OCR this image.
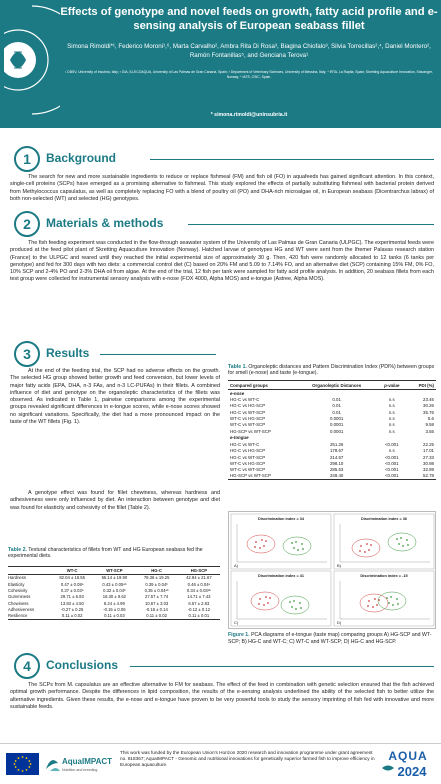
Effects of genotype and novel feeds on growth, fatty acid profile and e-sensing analysis of European seabass fillet
Simona Rimoldi*¹, Federico Moroni¹,⁶, Marta Carvalho², Ambra Rita Di Rosa³, Biagina Chiofalo³, Silvia Torrecillas²,⁴, Daniel Montero², Ramón Fontanillas⁵, and Genciana Terova¹
¹ DBSV, University of Insubria, Italy; ² GIA, IU-ECOAQUA, University of Las Palmas de Gran Canaria, Spain; ³ Department of Veterinary Sciences, University of Messina, Italy; ⁴ IRTA, La Rapita, Spain; Skretting Aquaculture Innovation, Stavanger, Norway; ⁶ IATS, CSIC, Spain.
* simona.rimoldi@uninsubria.it
1	Background
The search for new and more sustainable ingredients to reduce or replace fishmeal (FM) and fish oil (FO) in aquafeeds has gained significant attention. In this context, single-cell proteins (SCPs) have emerged as a promising alternative to fishmeal. This study explored the effects of partially substituting fishmeal with bacterial protein derived from Methylococcus capsulatus, as well as completely replacing FO with a blend of poultry oil (PO) and DHA-rich microalgae oil, in European seabass (Dicentrarchus labrax) of both non-selected (WT) and selected (HG) genotypes.
2	Materials & methods
The fish feeding experiment was conducted in the flow-through seawater system of the University of Las Palmas de Gran Canaria (ULPGC). The experimental feeds were produced at the feed pilot plant of Skretting Aquaculture Innovation (Norway). Hatched larvae of genotypes HG and WT were sent from the Ifremer Palavas research station (France) to the ULPGC and reared until they reached the initial experimental size of approximately 30 g. Then, 420 fish were randomly allocated to 12 tanks (6 tanks per genotype) and fed for 300 days with two diets: a commercial control diet (C) based on 20% FM and 5.09 to 7.14% FO, and an alternative diet (SCP) containing 15% FM, 0% FO, 10% SCP and 2-4% PO and 2-3% DHA oil from algae. At the end of the trial, 12 fish per tank were sampled for fatty acid profile analysis. In addition, 20 seabass fillets from each test group were collected for instrumental sensory analysis with e-nose (FOX 4000, Alpha MOS) and e-tongue (Astree, Alpha MOS).
3	Results
At the end of the feeding trial, the SCP had no adverse effects on the growth. The selected HG group showed better growth and feed conversion, but lower levels of major fatty acids (EPA, DHA, n-3 FAs, and n-3 LC-PUFAs) in their fillets. A combined influence of diet and genotype on the organoleptic characteristics of the fillets was observed. As indicated in Table 1, pairwise comparisons among the experimental groups revealed significant differences in e-tongue scores, while e-nose scores showed no significant variations. Specifically, the diet had a more pronounced impact on the taste of the WT fillets (Fig. 1).
A genotype effect was found for fillet chewiness, whereas hardness and adhesiveness were only influenced by diet. An interaction between genotype and diet was found for elasticity and cohesivity of the fillet (Table 2).
Table 1. Organoleptic distances and Pattern Discrimination Index (PDI%) between groups for smell (e-nose) and taste (e-tongue).
Compared groups	Organoleptic Distances	p-value	PDI (%)
e-nose			
HG-C vs WT-C	0.01	n.s	23.46
HG-C vs HG-SCP	0.01	n.s	30.26
HG-C vs WT-SCP	0.01	n.s	35.76
WT-C vs HG-SCP	0.0001	n.s	5.6
WT-C vs WT-SCP	0.0001	n.s	9.58
HG-SCP vs WT-SCP	0.0001	n.s	3.55
e-tongue			
HG-C vs WT-C	251.26	<0.001	22.25
HG-C vs HG-SCP	178.67	n.s	17.01
HG-C vs WT-SCP	214.57	<0.001	27.33
WT-C vs HG-SCP	298.10	<0.001	30.98
WT-C vs WT-SCP	285.53	<0.001	32.89
HG-SCP vs WT-SCP	349.40	<0.001	52.78
Table 2. Textural characteristics of fillets from WT and HG European seabass fed the experimental diets.
	WT-C	WT-SCP	HG-C	HG-SCP
Hardness	82.04 ± 18.55	55.14 ± 19.90	78.36 ± 19.25	42.94 ± 21.67
Elasticity	0.47 ± 0.08ᵃ	0.43 ± 0.05ᵃᵇ	0.39 ± 0.04ᵇ	0.46 ± 0.04ᵃ
Cohesivity	0.37 ± 0.03ᵃ	0.32 ± 0.04ᵇ	0.35 ± 0.04ᵃᵇ	0.34 ± 0.03ᵃᵇ
Gumminess	29.71 ± 6.93	18.30 ± 9.62	27.57 ± 7.74	14.71 ± 7.43
Chewiness	13.83 ± 4.50	8.24 ± 4.99	10.67 ± 3.03	6.57 ± 2.83
Adhesiveness	-0.27 ± 0.25	-0.15 ± 0.06	-0.18 ± 0.14	-0.12 ± 0.12
Resilience	0.11 ± 0.02	0.11 ± 0.03	0.11 ± 0.02	0.11 ± 0.01
Discrimination index = 34
A)
Discrimination index = 36
B)
Discrimination index = 31
C)
Discrimination index = -15
D)
Figure 1. PCA diagrams of e-tongue (taste map) comparing groups A) HG-SCP and WT-SCP; B) HG-C and WT-C; C) WT-C and WT-SCP; D) HG-C and HG-SCP.
4	Conclusions
The SCPs from M. capsulatus are an effective alternative to FM for seabass. The effect of the feed in combination with genetic selection ensured that the fish achieved optimal growth performance. Despite the differences in lipid composition, the results of the e-sensing analysis underlined the ability of the selected fish to better utilize the alternative ingredients. Given these results, the e-nose and e-tongue have proven to be very powerful tools to study the sensory imprinting of fish fed with innovative and more sustainable feeds.
AquaIMPACT
Nutrition and breeding
This work was funded by the European Union's Horizon 2020 research and innovation programme under grant agreement no. 818367; AquaIMPACT - Genomic and nutritional innovations for genetically superior farmed fish to improve efficiency in European aquaculture.
AQUA
2024
